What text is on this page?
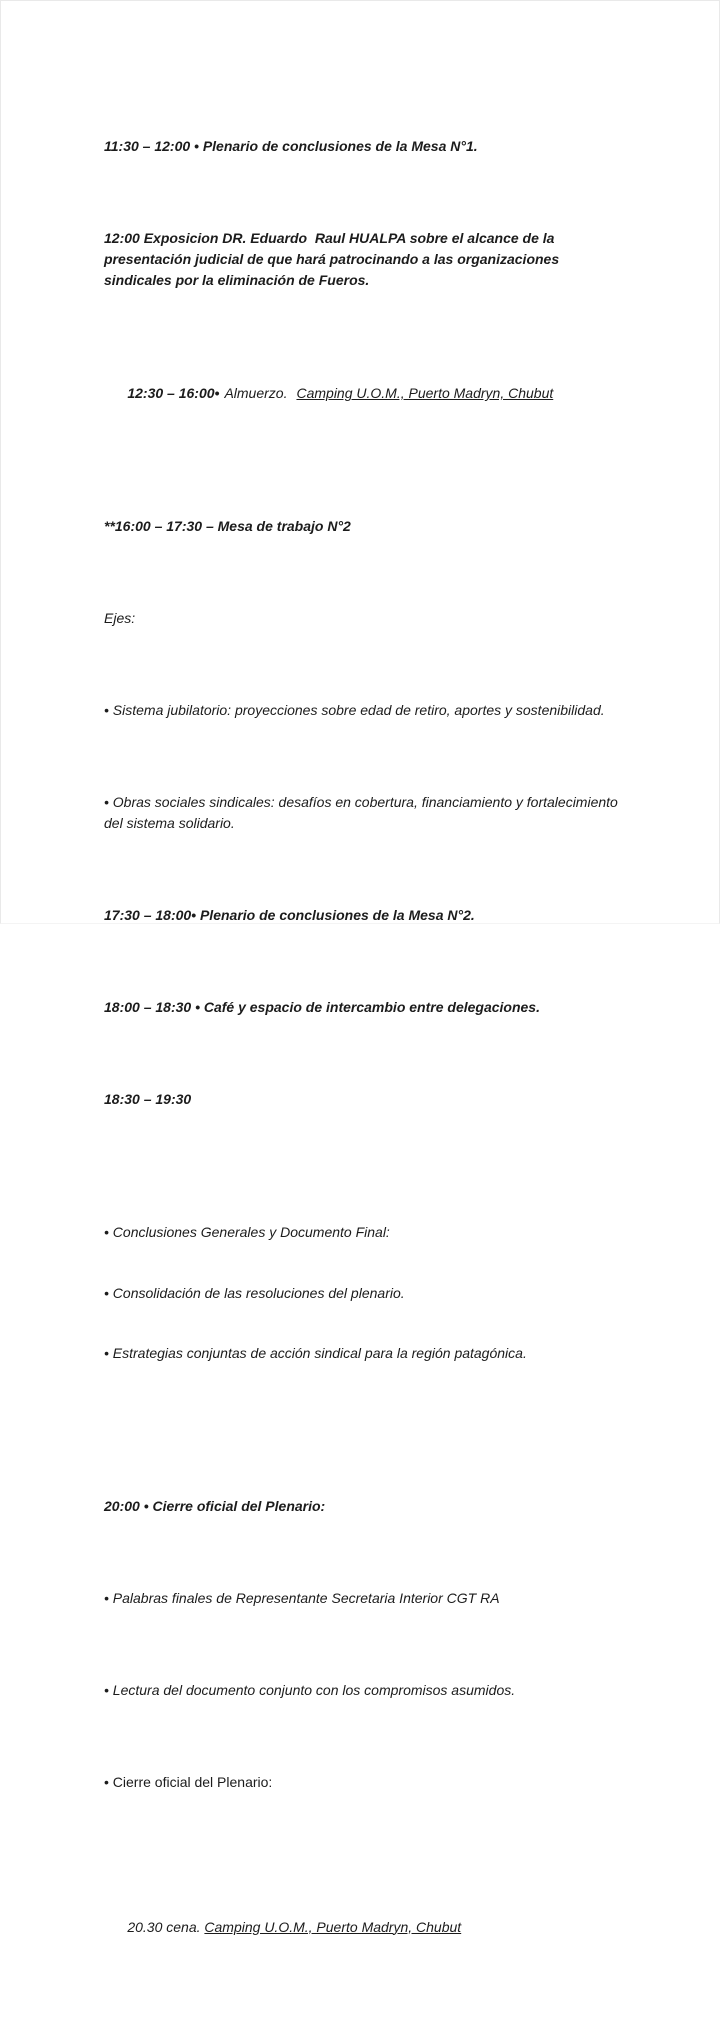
11:30 – 12:00 • Plenario de conclusiones de la Mesa N°1.

12:00 Exposicion DR. Eduardo  Raul HUALPA sobre el alcance de la presentación judicial de que hará patrocinando a las organizaciones sindicales por la eliminación de Fueros.

12:30 – 16:00• Almuerzo. Camping U.O.M., Puerto Madryn, Chubut

**16:00 – 17:30 – Mesa de trabajo N°2

Ejes:

• Sistema jubilatorio: proyecciones sobre edad de retiro, aportes y sostenibilidad.

• Obras sociales sindicales: desafíos en cobertura, financiamiento y fortalecimiento del sistema solidario.

17:30 – 18:00• Plenario de conclusiones de la Mesa N°2.

18:00 – 18:30 • Café y espacio de intercambio entre delegaciones.

18:30 – 19:30

• Conclusiones Generales y Documento Final:

• Consolidación de las resoluciones del plenario.

• Estrategias conjuntas de acción sindical para la región patagónica.

20:00 • Cierre oficial del Plenario:

• Palabras finales de Representante Secretaria Interior CGT RA

• Lectura del documento conjunto con los compromisos asumidos.

• Cierre oficial del Plenario:

20.30 cena. Camping U.O.M., Puerto Madryn, Chubut
